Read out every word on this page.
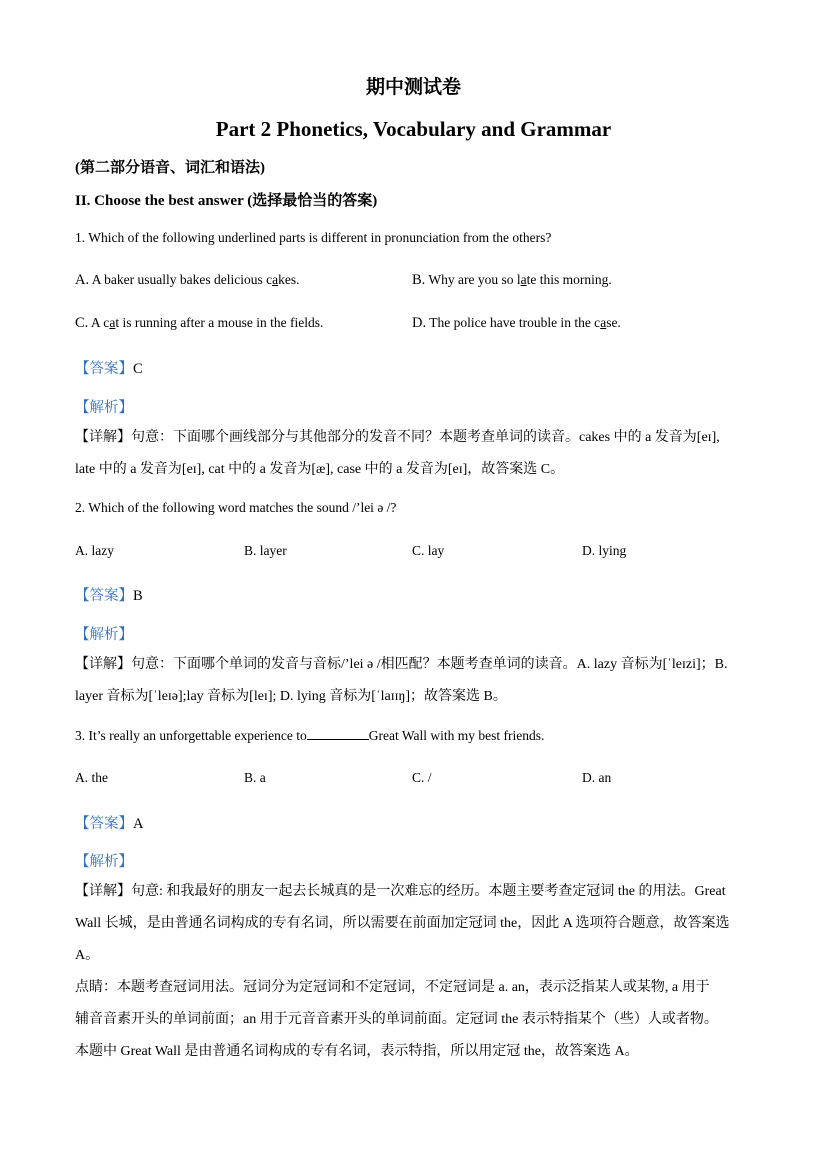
期中测试卷
Part 2 Phonetics, Vocabulary and Grammar
(第二部分语音、词汇和语法)
II. Choose the best answer (选择最恰当的答案)
1. Which of the following underlined parts is different in pronunciation from the others?
A. A baker usually bakes delicious cakes.	B. Why are you so late this morning.
C. A cat is running after a mouse in the fields.	D. The police have trouble in the case.
【答案】C
【解析】
【详解】句意：下面哪个画线部分与其他部分的发音不同？本题考查单词的读音。cakes 中的 a 发音为[eɪ],
late 中的 a 发音为[eɪ], cat 中的 a 发音为[æ], case 中的 a 发音为[eɪ]，故答案选 C。
2. Which of the following word matches the sound /’lei ə /?
A. lazy	B. layer	C. lay	D. lying
【答案】B
【解析】
【详解】句意：下面哪个单词的发音与音标/’lei ə /相匹配？本题考查单词的读音。A. lazy 音标为[ˈleɪzi]；B.
layer 音标为[ˈleɪə];lay 音标为[leɪ]; D. lying 音标为[ˈlaɪɪŋ]；故答案选 B。
3. It’s really an unforgettable experience to	Great Wall with my best friends.
A. the	B. a	C. /	D. an
【答案】A
【解析】
【详解】句意: 和我最好的朋友一起去长城真的是一次难忘的经历。本题主要考查定冠词 the 的用法。Great
Wall 长城，是由普通名词构成的专有名词，所以需要在前面加定冠词 the，因此 A 选项符合题意，故答案选
A。
点睛：本题考查冠词用法。冠词分为定冠词和不定冠词，不定冠词是 a. an，表示泛指某人或某物, a 用于
辅音音素开头的单词前面；an 用于元音音素开头的单词前面。定冠词 the 表示特指某个（些）人或者物。
本题中 Great Wall 是由普通名词构成的专有名词，表示特指，所以用定冠 the，故答案选 A。
